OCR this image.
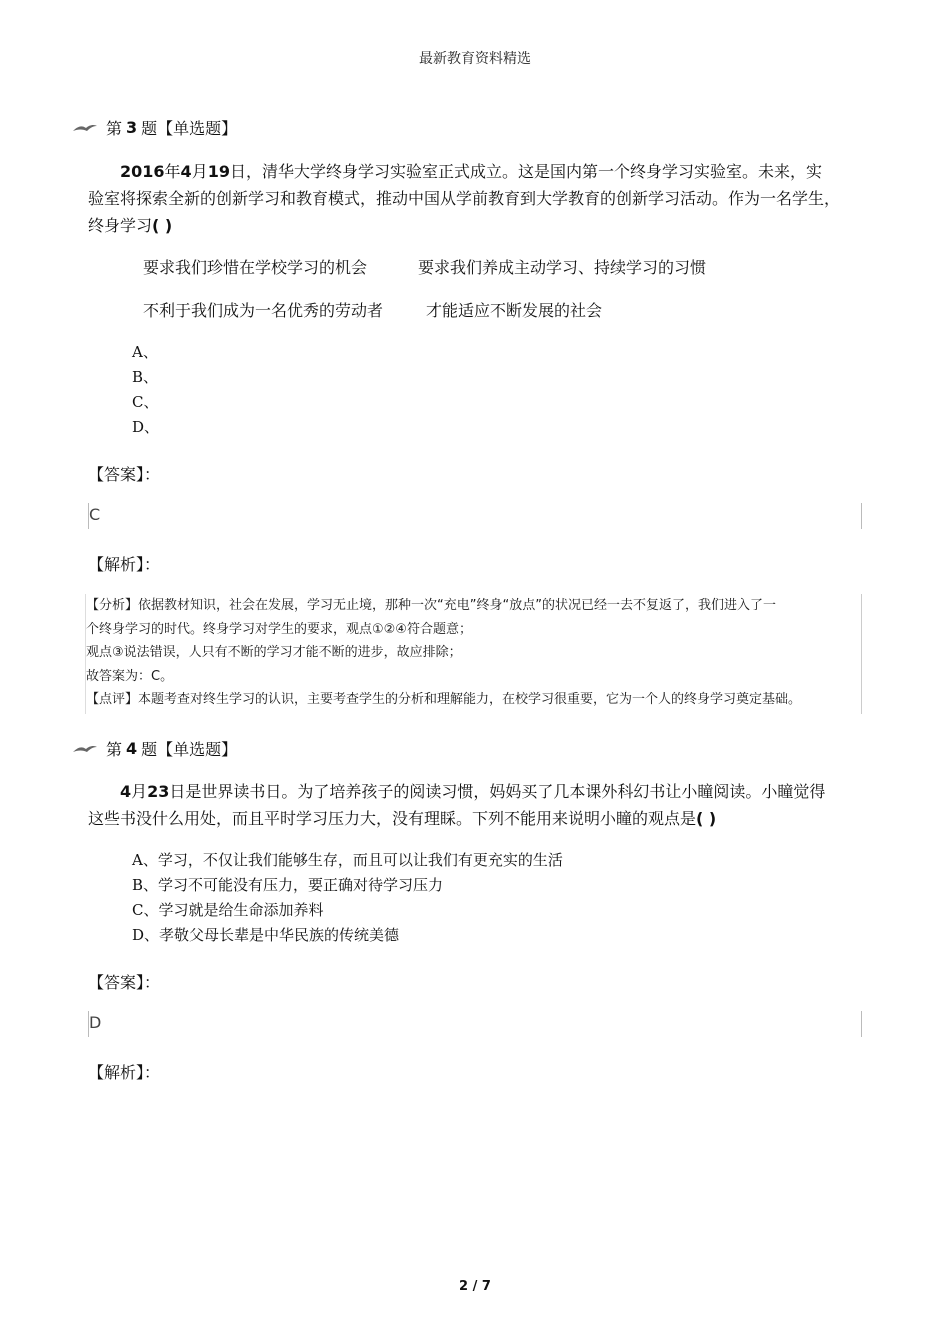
最新教育资料精选
第 3 题【单选题】
2016年4月19日，清华大学终身学习实验室正式成立。这是国内第一个终身学习实验室。未来，实
验室将探索全新的创新学习和教育模式，推动中国从学前教育到大学教育的创新学习活动。作为一名学生，
终身学习( )
要求我们珍惜在学校学习的机会	要求我们养成主动学习、持续学习的习惯
不利于我们成为一名优秀的劳动者	才能适应不断发展的社会
A、
B、
C、
D、
【答案】：
C
【解析】：
【分析】依据教材知识，社会在发展，学习无止境，那种一次“充电”终身“放点”的状况已经一去不复返了，我们进入了一
个终身学习的时代。终身学习对学生的要求，观点①②④符合题意；
观点③说法错误，人只有不断的学习才能不断的进步，故应排除；
故答案为：C。
【点评】本题考查对终生学习的认识，主要考查学生的分析和理解能力，在校学习很重要，它为一个人的终身学习奠定基础。
第 4 题【单选题】
4月23日是世界读书日。为了培养孩子的阅读习惯，妈妈买了几本课外科幻书让小瞳阅读。小瞳觉得
这些书没什么用处，而且平时学习压力大，没有理睬。下列不能用来说明小瞳的观点是( )
A、学习，不仅让我们能够生存，而且可以让我们有更充实的生活
B、学习不可能没有压力，要正确对待学习压力
C、学习就是给生命添加养料
D、孝敬父母长辈是中华民族的传统美德
【答案】：
D
【解析】：
2 / 7
